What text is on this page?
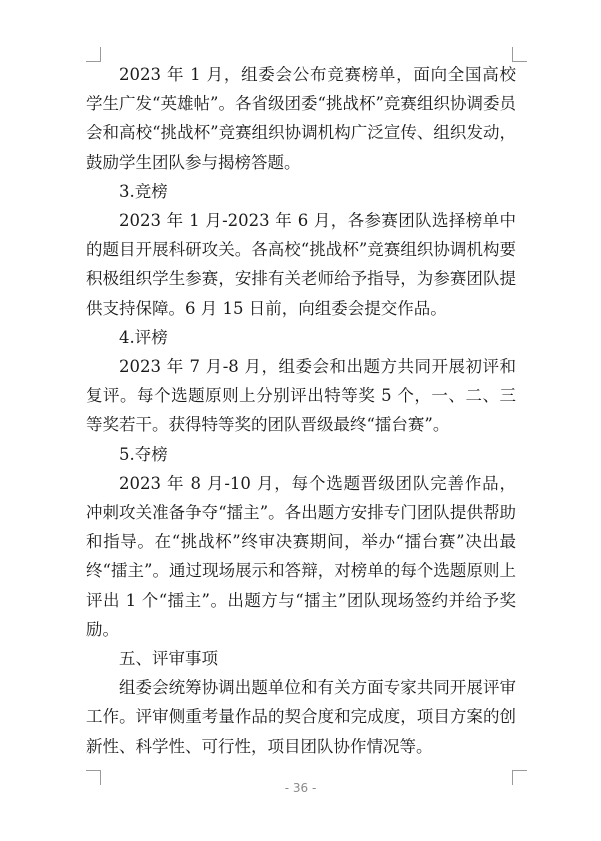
2023 年 1 月，组委会公布竞赛榜单，面向全国高校学生广发“英雄帖”。各省级团委“挑战杯”竞赛组织协调委员会和高校“挑战杯”竞赛组织协调机构广泛宣传、组织发动，鼓励学生团队参与揭榜答题。

3.竞榜

2023 年 1 月-2023 年 6 月，各参赛团队选择榜单中的题目开展科研攻关。各高校“挑战杯”竞赛组织协调机构要积极组织学生参赛，安排有关老师给予指导，为参赛团队提供支持保障。6 月 15 日前，向组委会提交作品。

4.评榜

2023 年 7 月-8 月，组委会和出题方共同开展初评和复评。每个选题原则上分别评出特等奖 5 个，一、二、三等奖若干。获得特等奖的团队晋级最终“擂台赛”。

5.夺榜

2023 年 8 月-10 月，每个选题晋级团队完善作品，冲刺攻关准备争夺“擂主”。各出题方安排专门团队提供帮助和指导。在“挑战杯”终审决赛期间，举办“擂台赛”决出最终“擂主”。通过现场展示和答辩，对榜单的每个选题原则上评出 1 个“擂主”。出题方与“擂主”团队现场签约并给予奖励。

五、评审事项

组委会统筹协调出题单位和有关方面专家共同开展评审工作。评审侧重考量作品的契合度和完成度，项目方案的创新性、科学性、可行性，项目团队协作情况等。

- 36 -
